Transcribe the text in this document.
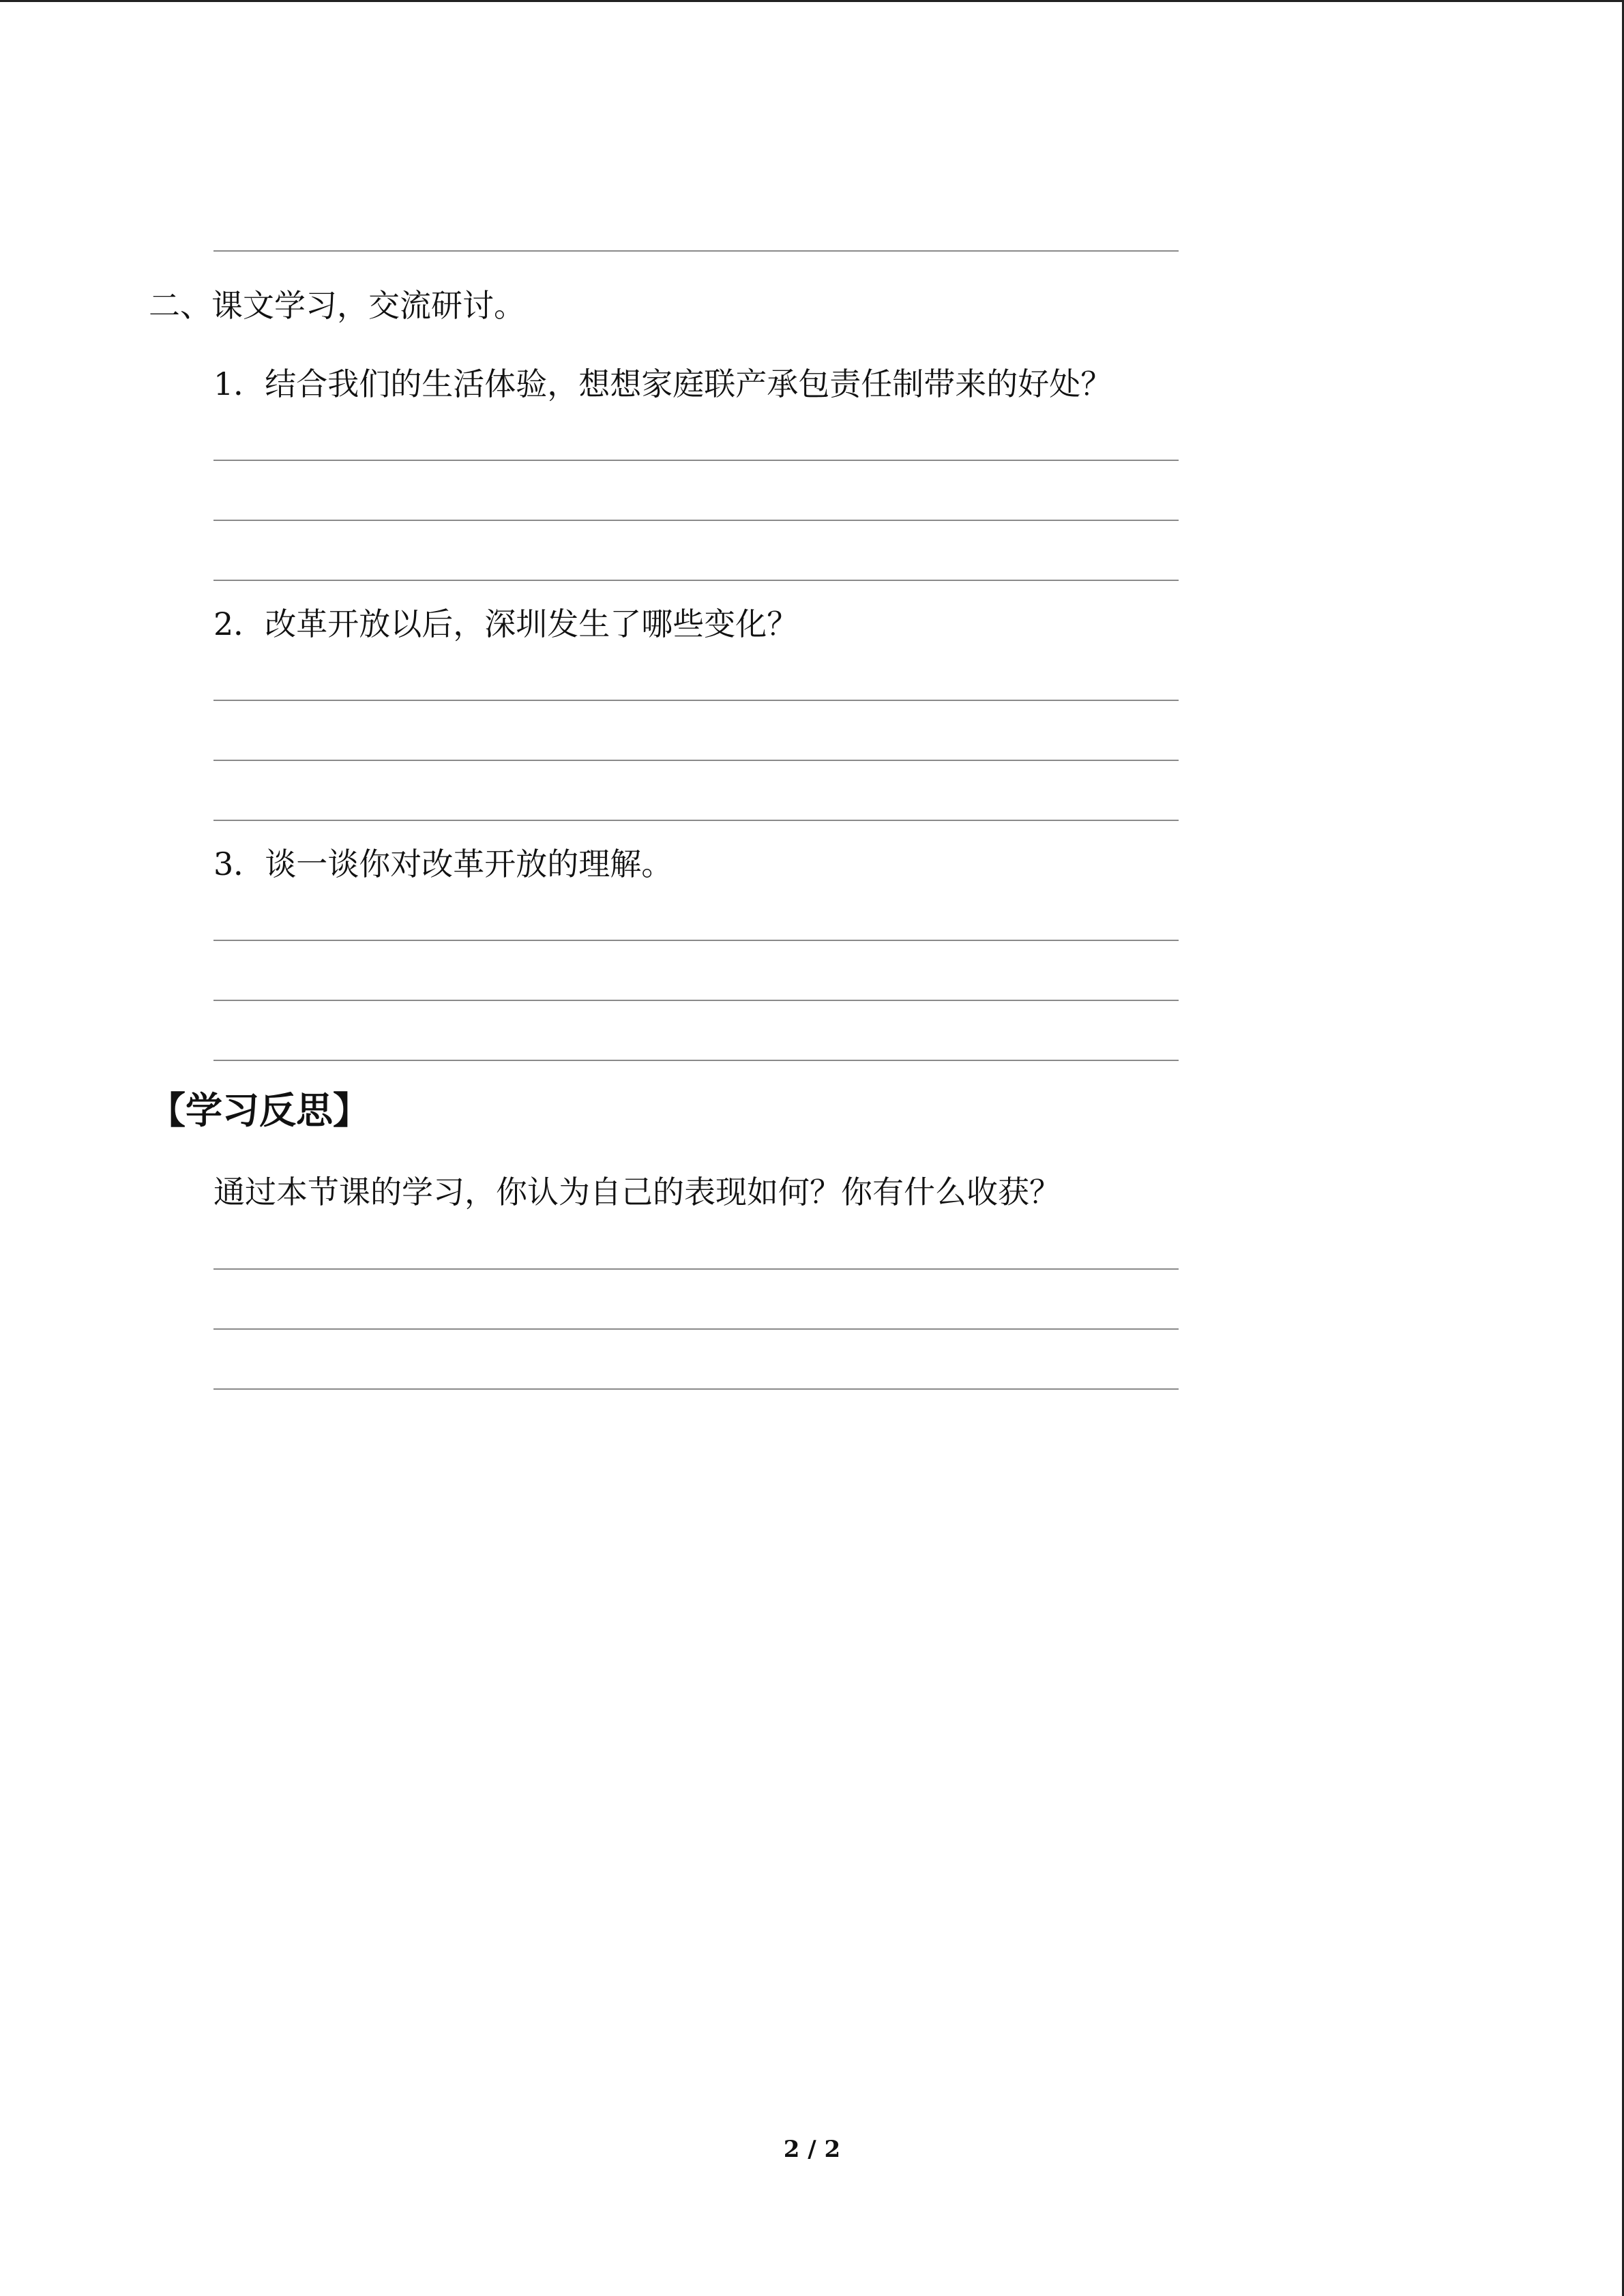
二、课文学习，交流研讨。
1．结合我们的生活体验，想想家庭联产承包责任制带来的好处？
2．改革开放以后，深圳发生了哪些变化？
3．谈一谈你对改革开放的理解。
【学习反思】
通过本节课的学习，你认为自己的表现如何？你有什么收获？
2 / 2
